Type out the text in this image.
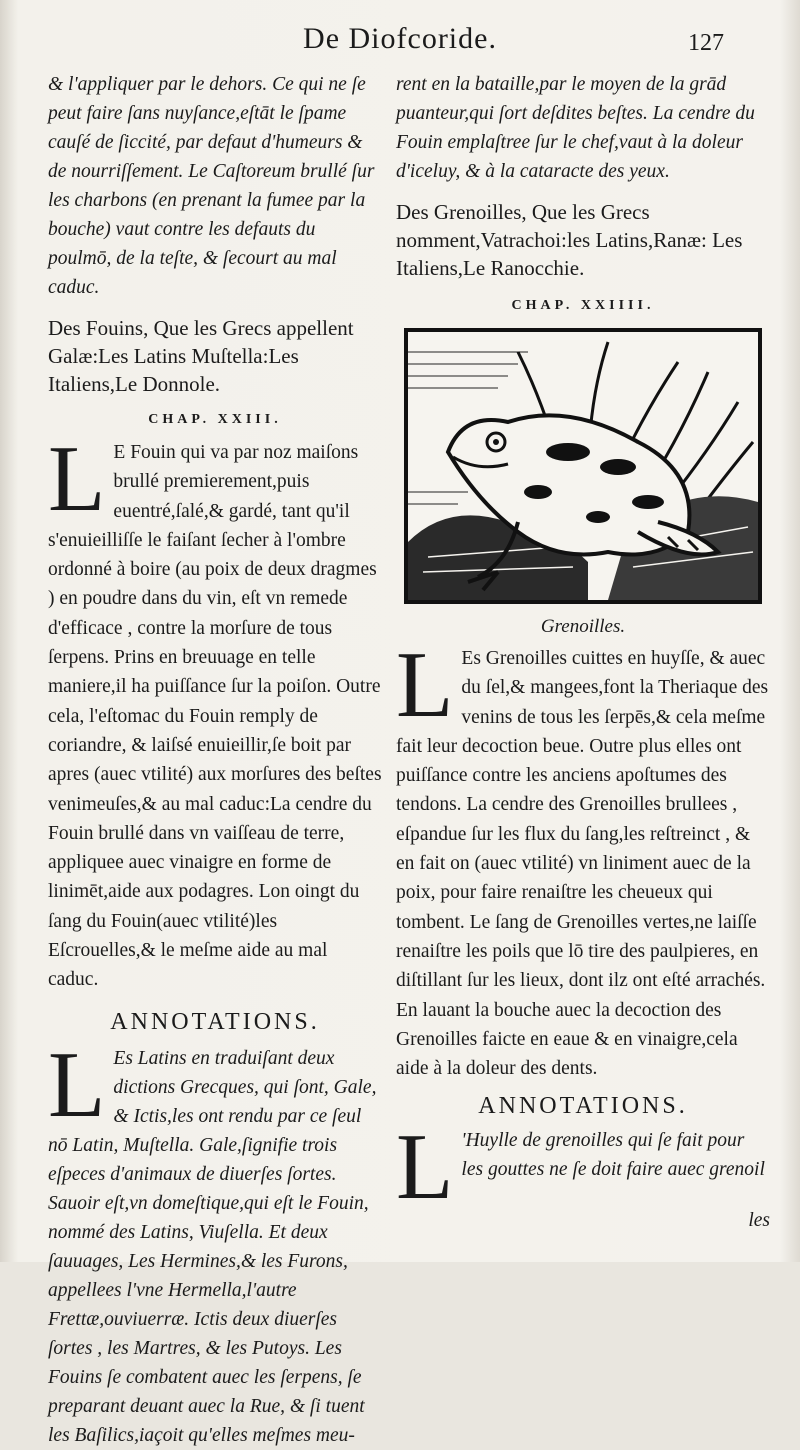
De Diofcoride.	127

& l'appliquer par le dehors. Ce qui ne ſe peut faire ſans nuyſance,eſtāt le ſpame cauſé de ſiccité, par defaut d'humeurs & de nourriſſement. Le Caſtoreum brullé ſur les charbons (en prenant la fumee par la bouche) vaut contre les defauts du poulmō, de la teſte, & ſecourt au mal caduc.

Des Fouins, Que les Grecs appellent Galæ:Les Latins Muſtella:Les Italiens,Le Donnole.

CHAP. XXIII.

L E Fouin qui va par noz maiſons brullé premierement,puis euentré,ſalé,& gardé, tant qu'il s'enuieilliſſe le faiſant ſecher à l'ombre ordonné à boire (au poix de deux dragmes ) en poudre dans du vin, eſt vn remede d'efficace , contre la morſure de tous ſerpens. Prins en breuuage en telle maniere,il ha puiſſance ſur la poiſon. Outre cela, l'eſtomac du Fouin remply de coriandre, & laiſsé enuieillir,ſe boit par apres (auec vtilité) aux morſures des beſtes venimeuſes,& au mal caduc:La cendre du Fouin brullé dans vn vaiſſeau de terre, appliquee auec vinaigre en forme de linimēt,aide aux podagres. Lon oingt du ſang du Fouin(auec vtilité)les Eſcrouelles,& le meſme aide au mal caduc.

ANNOTATIONS.

L Es Latins en traduiſant deux dictions Grecques, qui ſont, Gale, & Ictis,les ont rendu par ce ſeul nō Latin, Muſtella. Gale,ſignifie trois eſpeces d'animaux de diuerſes ſortes. Sauoir eſt,vn domeſtique,qui eſt le Fouin, nommé des Latins, Viuſella. Et deux ſauuages, Les Hermines,& les Furons, appellees l'vne Hermella,l'autre Frettæ,ouviuerræ. Ictis deux diuerſes ſortes , les Martres, & les Putoys. Les Fouins ſe combatent auec les ſerpens, ſe preparant deuant auec la Rue, & ſi tuent les Baſilics,iaçoit qu'elles meſmes meu-

rent en la bataille,par le moyen de la grād puanteur,qui ſort deſdites beſtes. La cendre du Fouin emplaſtree ſur le chef,vaut à la doleur d'iceluy, & à la cataracte des yeux.

Des Grenoilles, Que les Grecs nomment,Vatrachoi:les Latins,Ranæ: Les Italiens,Le Ranocchie.

CHAP. XXIIII.

Grenoilles.

L Es Grenoilles cuittes en huyſſe, & auec du ſel,& mangees,font la Theriaque des venins de tous les ſerpēs,& cela meſme fait leur decoction beue. Outre plus elles ont puiſſance contre les anciens apoſtumes des tendons. La cendre des Grenoilles brullees , eſpandue ſur les flux du ſang,les reſtreinct , & en fait on (auec vtilité) vn liniment auec de la poix, pour faire renaiſtre les cheueux qui tombent. Le ſang de Grenoilles vertes,ne laiſſe renaiſtre les poils que lō tire des paulpieres, en diſtillant ſur les lieux, dont ilz ont eſté arrachés. En lauant la bouche auec la decoction des Grenoilles faicte en eaue & en vinaigre,cela aide à la doleur des dents.

ANNOTATIONS.

L 'Huylle de grenoilles qui ſe fait pour les gouttes ne ſe doit faire auec grenoil

les
